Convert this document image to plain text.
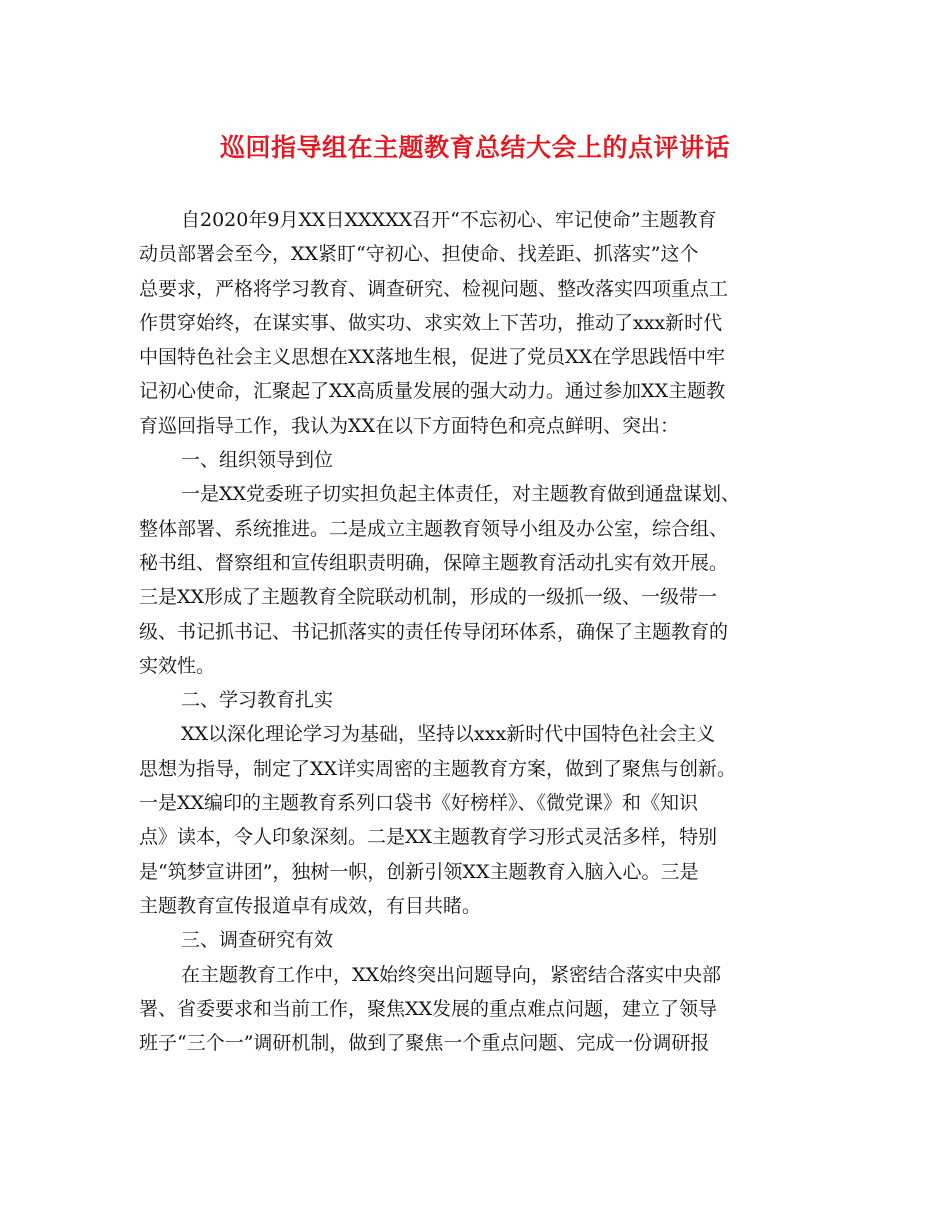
巡回指导组在主题教育总结大会上的点评讲话
自2020年9月XX日XXXXX召开“不忘初心、牢记使命”主题教育
动员部署会至今，XX紧盯“守初心、担使命、找差距、抓落实”这个
总要求，严格将学习教育、调查研究、检视问题、整改落实四项重点工
作贯穿始终，在谋实事、做实功、求实效上下苦功，推动了xxx新时代
中国特色社会主义思想在XX落地生根，促进了党员XX在学思践悟中牢
记初心使命，汇聚起了XX高质量发展的强大动力。通过参加XX主题教
育巡回指导工作，我认为XX在以下方面特色和亮点鲜明、突出：
一、组织领导到位
一是XX党委班子切实担负起主体责任，对主题教育做到通盘谋划、
整体部署、系统推进。二是成立主题教育领导小组及办公室，综合组、
秘书组、督察组和宣传组职责明确，保障主题教育活动扎实有效开展。
三是XX形成了主题教育全院联动机制，形成的一级抓一级、一级带一
级、书记抓书记、书记抓落实的责任传导闭环体系，确保了主题教育的
实效性。
二、学习教育扎实
XX以深化理论学习为基础，坚持以xxx新时代中国特色社会主义
思想为指导，制定了XX详实周密的主题教育方案，做到了聚焦与创新。
一是XX编印的主题教育系列口袋书《好榜样》、《微党课》和《知识
点》读本，令人印象深刻。二是XX主题教育学习形式灵活多样，特别
是“筑梦宣讲团”，独树一帜，创新引领XX主题教育入脑入心。三是
主题教育宣传报道卓有成效，有目共睹。
三、调查研究有效
在主题教育工作中，XX始终突出问题导向，紧密结合落实中央部
署、省委要求和当前工作，聚焦XX发展的重点难点问题，建立了领导
班子“三个一”调研机制，做到了聚焦一个重点问题、完成一份调研报
